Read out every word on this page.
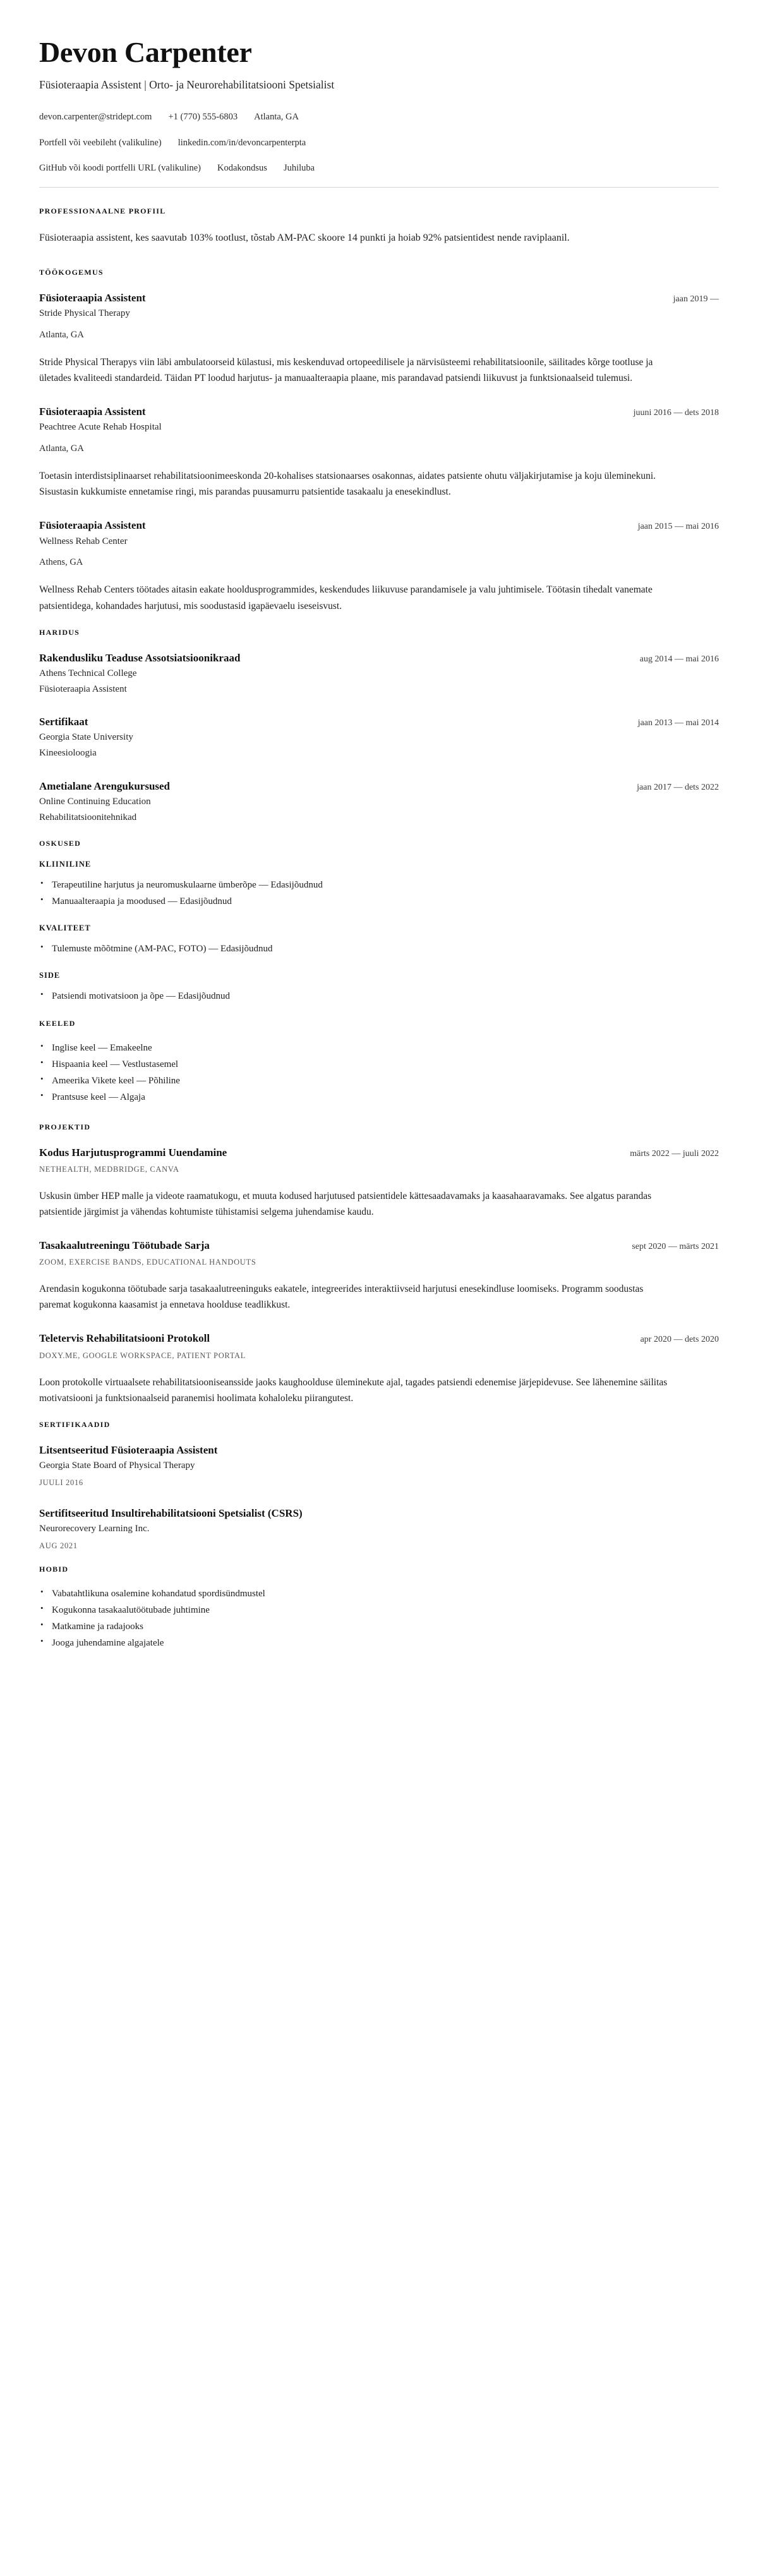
Devon Carpenter
Füsioteraapia Assistent | Orto- ja Neurorehabilitatsiooni Spetsialist
devon.carpenter@stridept.com +1 (770) 555-6803 Atlanta, GA
Portfell või veebileht (valikuline) linkedin.com/in/devoncarpenterpta
GitHub või koodi portfelli URL (valikuline) Kodakondsus Juhiluba
PROFESSIONAALNE PROFIIL

Füsioteraapia assistent, kes saavutab 103% tootlust, tõstab AM-PAC skoore 14 punkti ja hoiab 92% patsientidest nende raviplaanil.

TÖÖKOGEMUS
Füsioteraapia Assistent	jaan 2019 —

Stride Physical Therapy

Atlanta, GA

Stride Physical Therapys viin läbi ambulatoorseid külastusi, mis keskenduvad ortopeedilisele ja närvisüsteemi rehabilitatsioonile, säilitades kõrge tootluse ja ületades kvaliteedi standardeid. Täidan PT loodud harjutus- ja manuaalteraapia plaane, mis parandavad patsiendi liikuvust ja funktsionaalseid tulemusi.

Füsioteraapia Assistent	juuni 2016 — dets 2018

Peachtree Acute Rehab Hospital

Atlanta, GA

Toetasin interdistsiplinaarset rehabilitatsioonimeeskonda 20-kohalises statsionaarses osakonnas, aidates patsiente ohutu väljakirjutamise ja koju üleminekuni. Sisustasin kukkumiste ennetamise ringi, mis parandas puusamurru patsientide tasakaalu ja enesekindlust.

Füsioteraapia Assistent	jaan 2015 — mai 2016

Wellness Rehab Center

Athens, GA

Wellness Rehab Centers töötades aitasin eakate hooldusprogrammides, keskendudes liikuvuse parandamisele ja valu juhtimisele. Töötasin tihedalt vanemate patsientidega, kohandades harjutusi, mis soodustasid igapäevaelu iseseisvust.

HARIDUS
Rakendusliku Teaduse Assotsiatsioonikraad	aug 2014 — mai 2016

Athens Technical College

Füsioteraapia Assistent

Sertifikaat	jaan 2013 — mai 2014

Georgia State University

Kineesioloogia

Ametialane Arengukursused	jaan 2017 — dets 2022

Online Continuing Education

Rehabilitatsioonitehnikad

OSKUSED
KLIINILINE
• Terapeutiline harjutus ja neuromuskulaarne ümberõpe — Edasijõudnud
• Manuaalteraapia ja moodused — Edasijõudnud
KVALITEET
• Tulemuste mõõtmine (AM-PAC, FOTO) — Edasijõudnud
SIDE
• Patsiendi motivatsioon ja õpe — Edasijõudnud
KEELED
• Inglise keel — Emakeelne
• Hispaania keel — Vestlustasemel
• Ameerika Vikete keel — Põhiline
• Prantsuse keel — Algaja
PROJEKTID
Kodus Harjutusprogrammi Uuendamine	märts 2022 — juuli 2022

NETHEALTH, MEDBRIDGE, CANVA

Uskusin ümber HEP malle ja videote raamatukogu, et muuta kodused harjutused patsientidele kättesaadavamaks ja kaasahaaravamaks. See algatus parandas patsientide järgimist ja vähendas kohtumiste tühistamisi selgema juhendamise kaudu.

Tasakaalutreeningu Töötubade Sarja	sept 2020 — märts 2021

ZOOM, EXERCISE BANDS, EDUCATIONAL HANDOUTS

Arendasin kogukonna töötubade sarja tasakaalutreeninguks eakatele, integreerides interaktiivseid harjutusi enesekindluse loomiseks. Programm soodustas paremat kogukonna kaasamist ja ennetava hoolduse teadlikkust.

Teletervis Rehabilitatsiooni Protokoll	apr 2020 — dets 2020

DOXY.ME, GOOGLE WORKSPACE, PATIENT PORTAL

Loon protokolle virtuaalsete rehabilitatsiooniseansside jaoks kaughoolduse üleminekute ajal, tagades patsiendi edenemise järjepidevuse. See lähenemine säilitas motivatsiooni ja funktsionaalseid paranemisi hoolimata kohaloleku piirangutest.

SERTIFIKAADID
Litsentseeritud Füsioteraapia Assistent

Georgia State Board of Physical Therapy

JUULI 2016

Sertifitseeritud Insultirehabilitatsiooni Spetsialist (CSRS)

Neurorecovery Learning Inc.

AUG 2021

HOBID
• Vabatahtlikuna osalemine kohandatud spordisündmustel
• Kogukonna tasakaalutöötubade juhtimine
• Matkamine ja radajooks
• Jooga juhendamine algajatele
